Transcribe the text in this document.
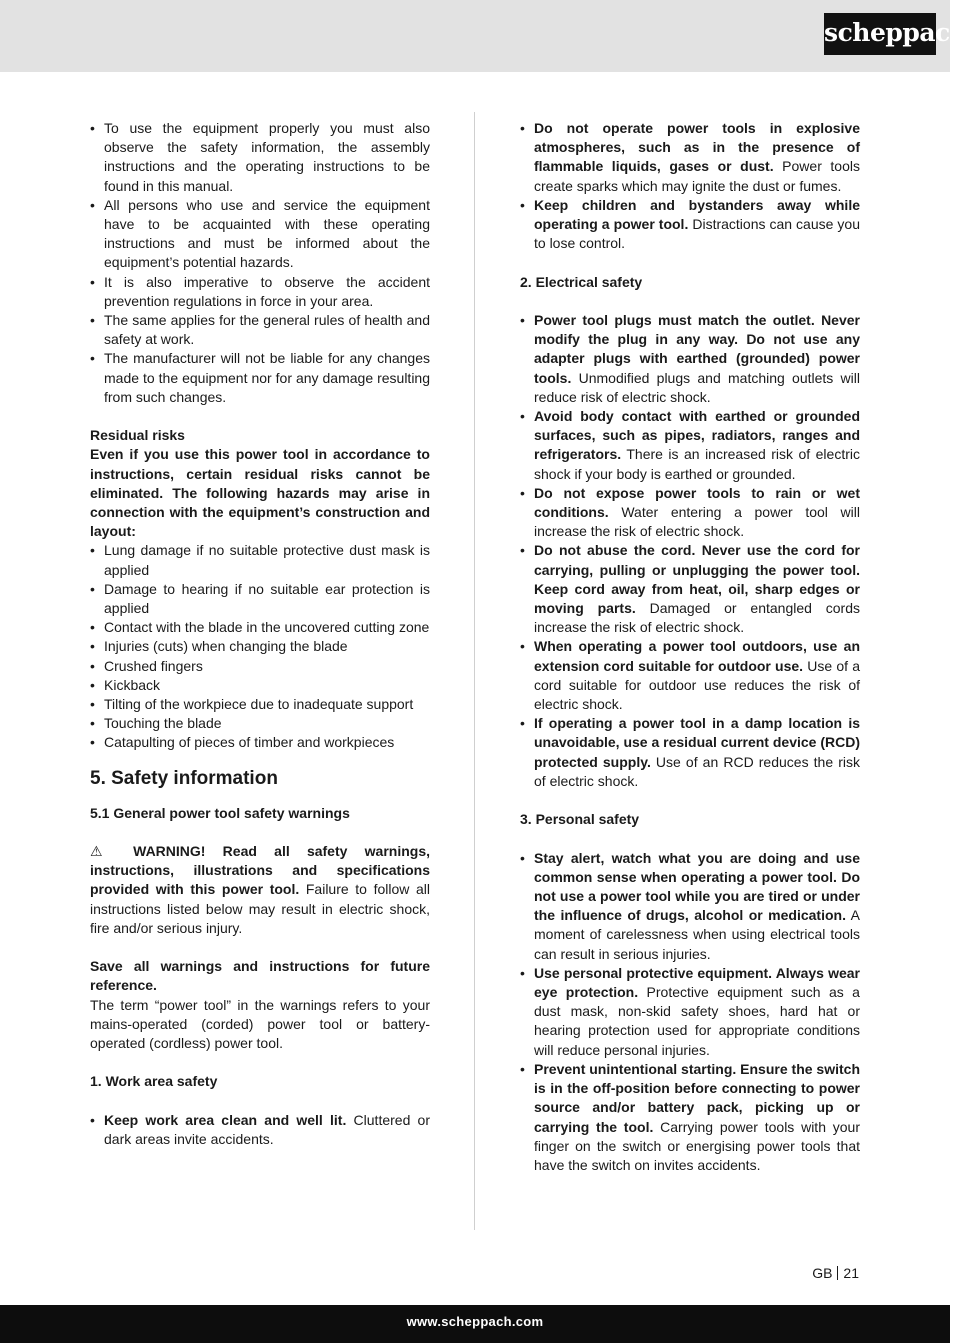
scheppach
• To use the equipment properly you must also observe the safety information, the assembly instructions and the operating instructions to be found in this manual.
• All persons who use and service the equipment have to be acquainted with these operating instructions and must be informed about the equipment’s potential hazards.
• It is also imperative to observe the accident prevention regulations in force in your area.
• The same applies for the general rules of health and safety at work.
• The manufacturer will not be liable for any changes made to the equipment nor for any damage resulting from such changes.

Residual risks

Even if you use this power tool in accordance to instructions, certain residual risks cannot be eliminated. The following hazards may arise in connection with the equipment’s construction and layout:

• Lung damage if no suitable protective dust mask is applied
• Damage to hearing if no suitable ear protection is applied
• Contact with the blade in the uncovered cutting zone
• Injuries (cuts) when changing the blade
• Crushed fingers
• Kickback
• Tilting of the workpiece due to inadequate support
• Touching the blade
• Catapulting of pieces of timber and workpieces
5. Safety information

5.1 General power tool safety warnings

⚠ WARNING! Read all safety warnings, instructions, illustrations and specifications provided with this power tool. Failure to follow all instructions listed below may result in electric shock, fire and/or serious injury.

Save all warnings and instructions for future reference.

The term “power tool” in the warnings refers to your mains-operated (corded) power tool or battery-operated (cordless) power tool.

1. Work area safety

• Keep work area clean and well lit. Cluttered or dark areas invite accidents.
• Do not operate power tools in explosive atmospheres, such as in the presence of flammable liquids, gases or dust. Power tools create sparks which may ignite the dust or fumes.
• Keep children and bystanders away while operating a power tool. Distractions can cause you to lose control.

2. Electrical safety

• Power tool plugs must match the outlet. Never modify the plug in any way. Do not use any adapter plugs with earthed (grounded) power tools. Unmodified plugs and matching outlets will reduce risk of electric shock.
• Avoid body contact with earthed or grounded surfaces, such as pipes, radiators, ranges and refrigerators. There is an increased risk of electric shock if your body is earthed or grounded.
• Do not expose power tools to rain or wet conditions. Water entering a power tool will increase the risk of electric shock.
• Do not abuse the cord. Never use the cord for carrying, pulling or unplugging the power tool. Keep cord away from heat, oil, sharp edges or moving parts. Damaged or entangled cords increase the risk of electric shock.
• When operating a power tool outdoors, use an extension cord suitable for outdoor use. Use of a cord suitable for outdoor use reduces the risk of electric shock.
• If operating a power tool in a damp location is unavoidable, use a residual current device (RCD) protected supply. Use of an RCD reduces the risk of electric shock.

3. Personal safety

• Stay alert, watch what you are doing and use common sense when operating a power tool. Do not use a power tool while you are tired or under the influence of drugs, alcohol or medication. A moment of carelessness when using electrical tools can result in serious injuries.
• Use personal protective equipment. Always wear eye protection. Protective equipment such as a dust mask, non-skid safety shoes, hard hat or hearing protection used for appropriate conditions will reduce personal injuries.
• Prevent unintentional starting. Ensure the switch is in the off-position before connecting to power source and/or battery pack, picking up or carrying the tool. Carrying power tools with your finger on the switch or energising power tools that have the switch on invites accidents.
GB 21
www.scheppach.com
